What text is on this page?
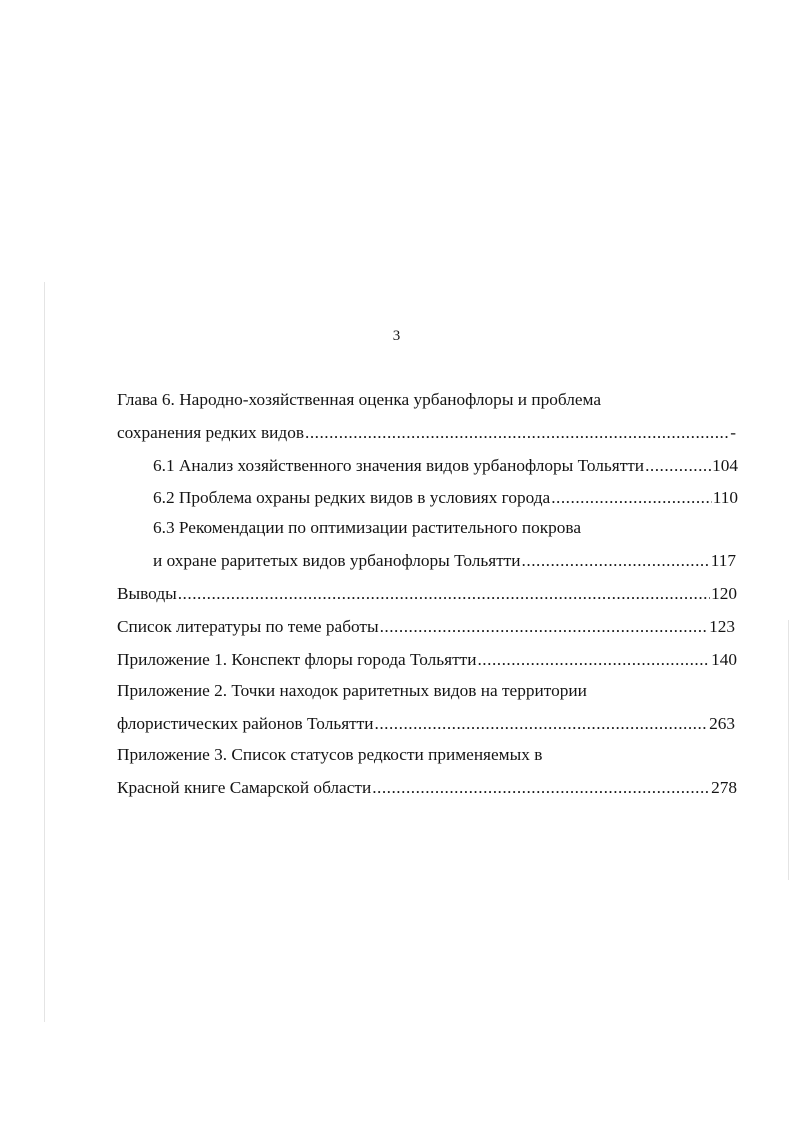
3
Глава 6. Народно-хозяйственная оценка урбанофлоры и проблема
сохранения редких видов .....	-
6.1 Анализ хозяйственного значения видов урбанофлоры Тольятти .....	104
6.2 Проблема охраны редких видов в условиях города .....	110
6.3 Рекомендации по оптимизации растительного покрова
и охране раритетых видов урбанофлоры Тольятти .....	117
Выводы .....	120
Список литературы по теме работы .....	123
Приложение 1. Конспект флоры города Тольятти .....	140
Приложение 2. Точки находок раритетных видов на территории
флористических районов Тольятти .....	263
Приложение 3. Список статусов редкости применяемых в
Красной книге Самарской области .....	278
